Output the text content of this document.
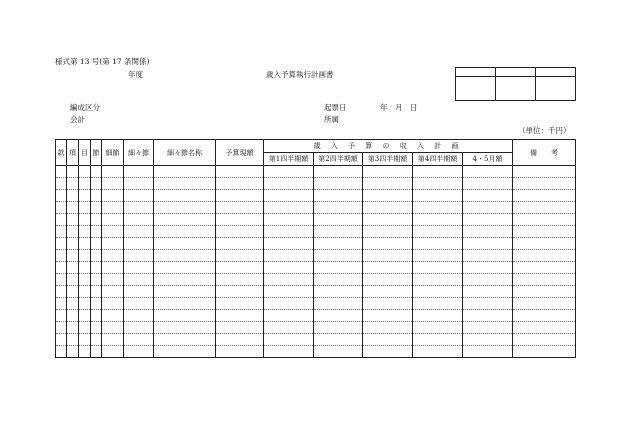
様式第 13 号(第 17 条関係)
年度	歳入予算執行計画書

編成区分
会計
起票日	年　月　日
所属
（単位：千円）
款	項	目	節	細節	細々節	細々節名称	予算現額	歳 入 予 算 の 収 入 計 画					備　　考
								第1四半期額	第2四半期額	第3四半期額	第4四半期額	4・5月額	
